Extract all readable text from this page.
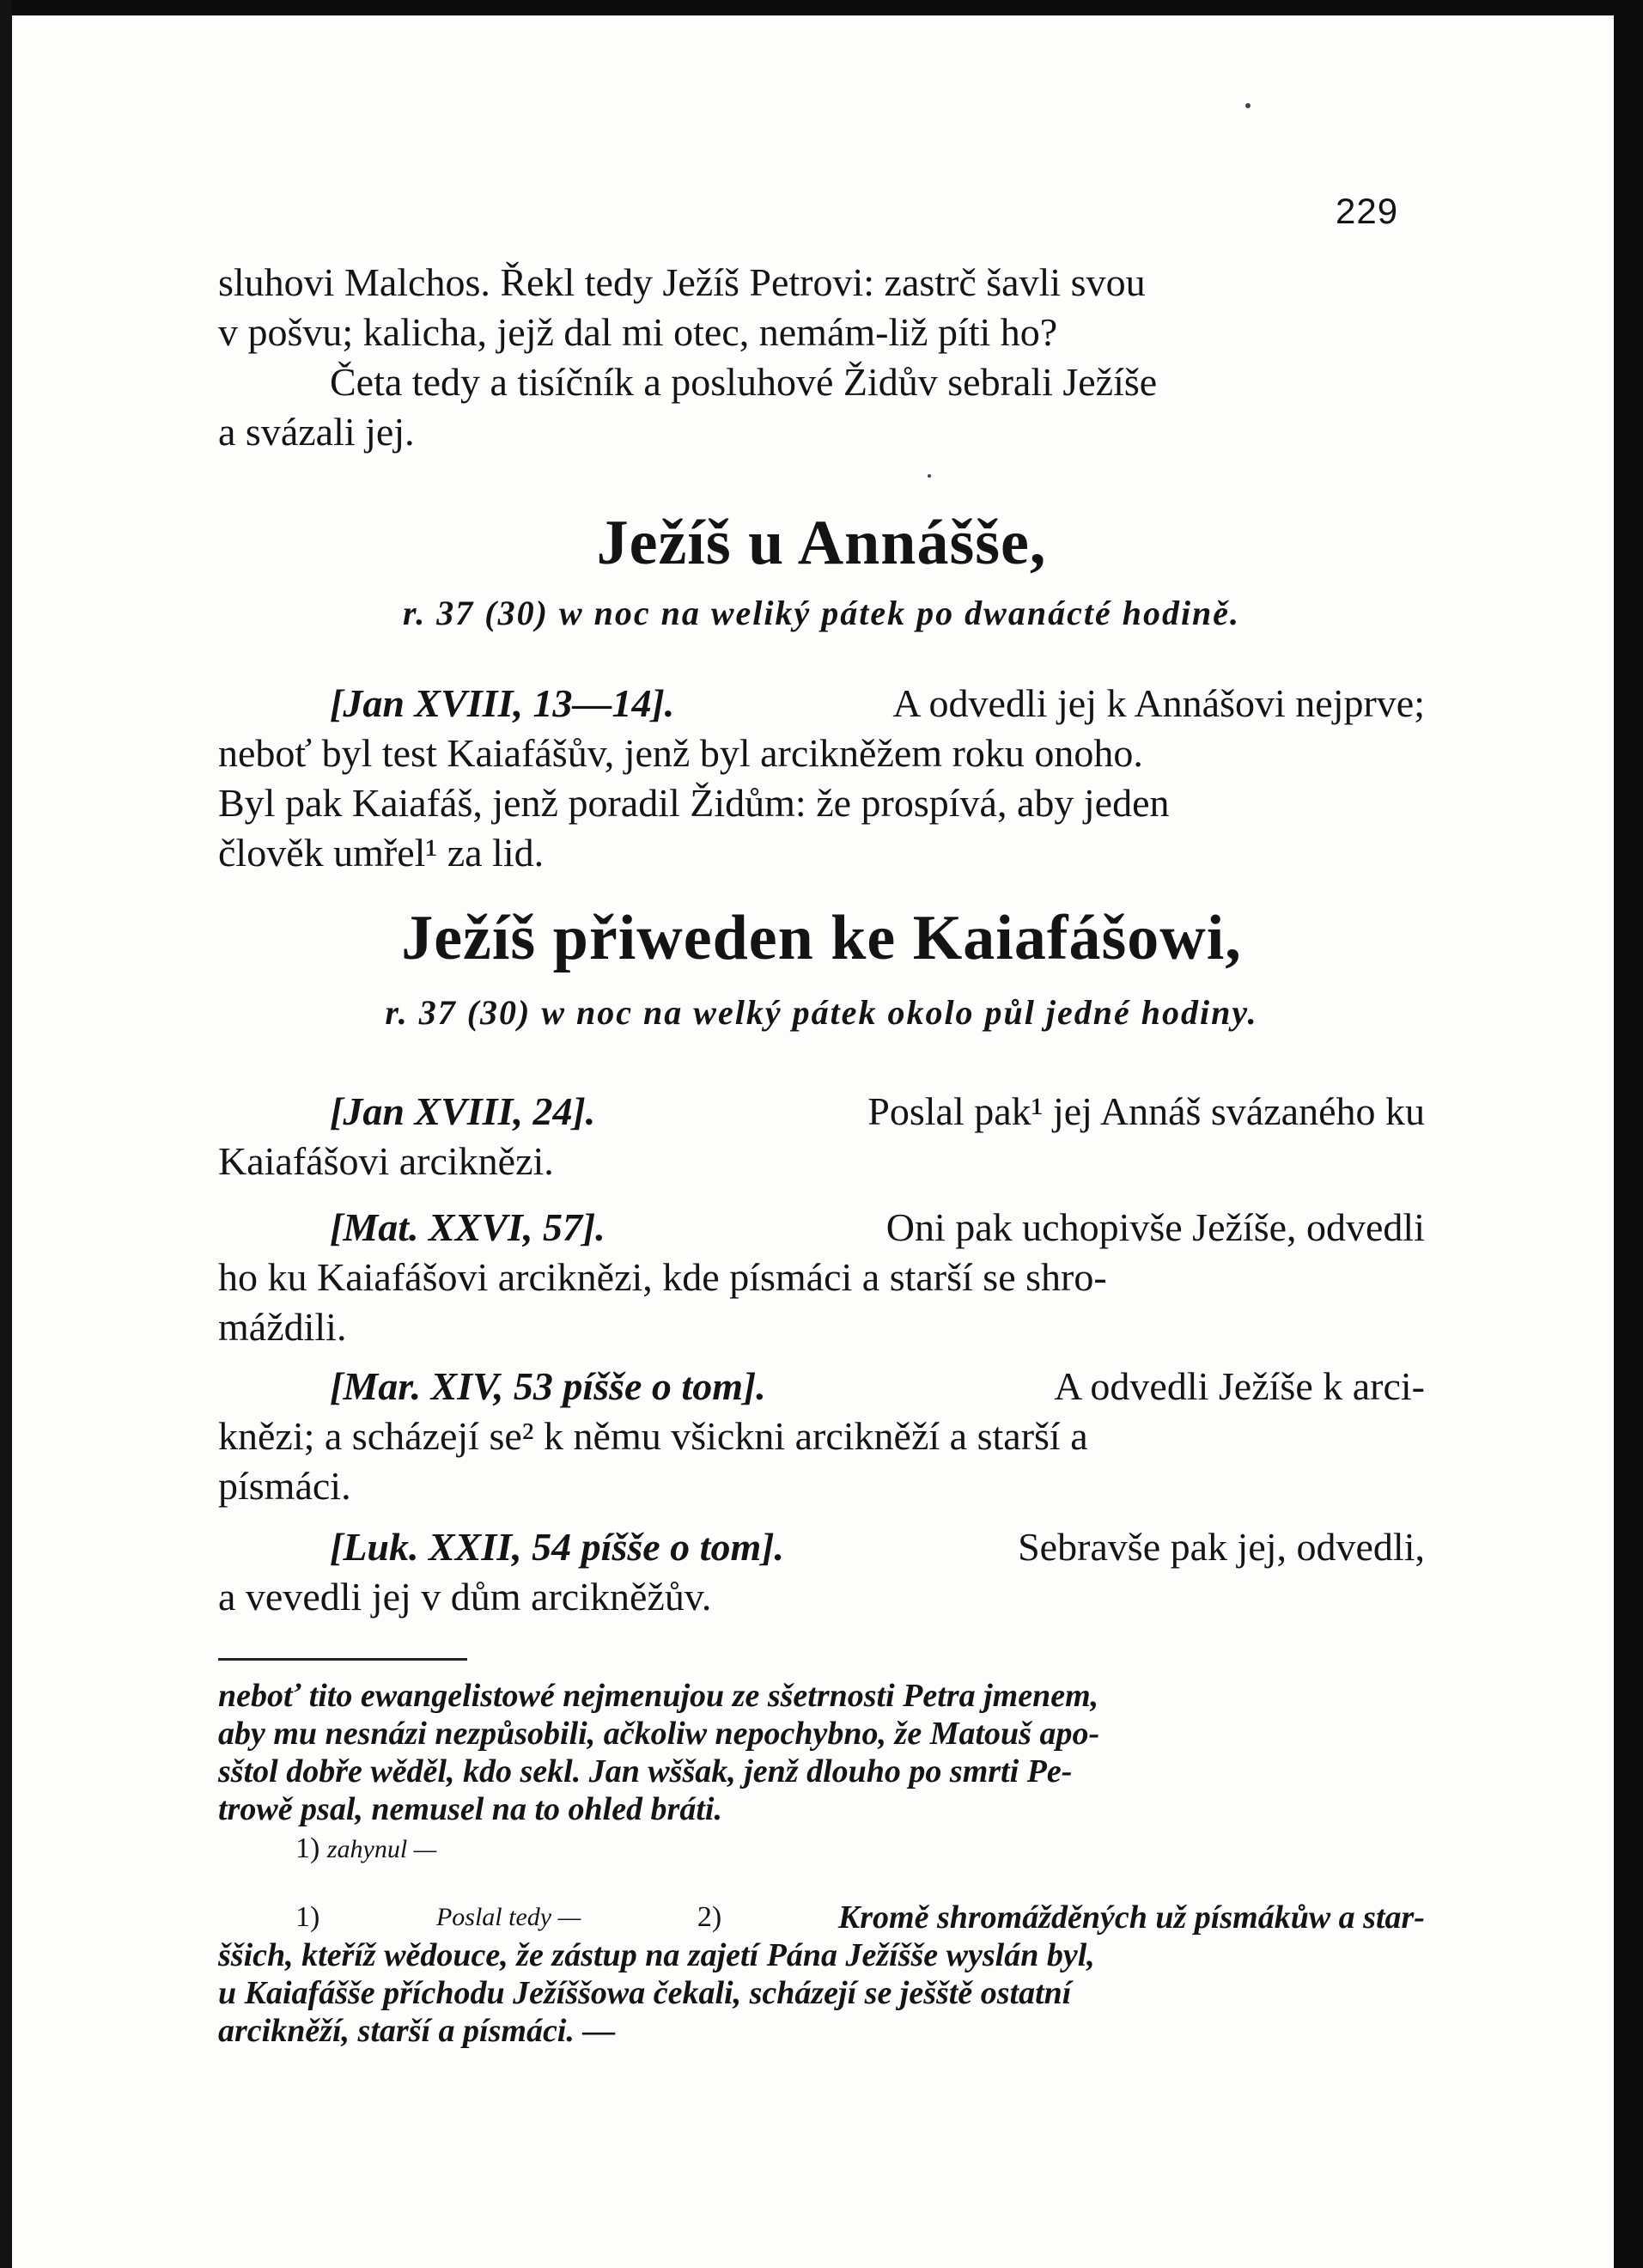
229
sluhovi Malchos. Řekl tedy Ježíš Petrovi: zastrč šavli svou
v pošvu; kalicha, jejž dal mi otec, nemám-liž píti ho?
Četa tedy a tisíčník a posluhové Židův sebrali Ježíše
a svázali jej.
Ježíš u Annášše,
r. 37 (30) w noc na weliký pátek po dwanácté hodině.
[Jan XVIII, 13—14].	A odvedli jej k Annášovi nejprve;
neboť byl test Kaiafášův, jenž byl arcikněžem roku onoho.
Byl pak Kaiafáš, jenž poradil Židům: že prospívá, aby jeden
člověk umřel¹ za lid.
Ježíš přiweden ke Kaiafášowi,
r. 37 (30) w noc na welký pátek okolo půl jedné hodiny.
[Jan XVIII, 24].	Poslal pak¹ jej Annáš svázaného ku
Kaiafášovi arciknězi.
[Mat. XXVI, 57].	Oni pak uchopivše Ježíše, odvedli
ho ku Kaiafášovi arciknězi, kde písmáci a starší se shro-
máždili.
[Mar. XIV, 53 píšše o tom].	A odvedli Ježíše k arci-
knězi; a scházejí se² k němu všickni arcikněží a starší a
písmáci.
[Luk. XXII, 54 píšše o tom].	Sebravše pak jej, odvedli,
a vevedli jej v dům arcikněžův.
neboť tito ewangelistowé nejmenujou ze sšetrnosti Petra jmenem,
aby mu nesnázi nezpůsobili, ačkoliw nepochybno, že Matouš apo-
sštol dobře wěděl, kdo sekl. Jan wššak, jenž dlouho po smrti Pe-
trowě psal, nemusel na to ohled bráti.
1) zahynul —
1)	Poslal tedy —	2)	Kromě shromážděných už písmákůw a star-
ššich, kteříž wědouce, že zástup na zajetí Pána Ježíšše wyslán byl,
u Kaiafášše příchodu Ježíššowa čekali, scházejí se ješště ostatní
arcikněží, starší a písmáci. —
